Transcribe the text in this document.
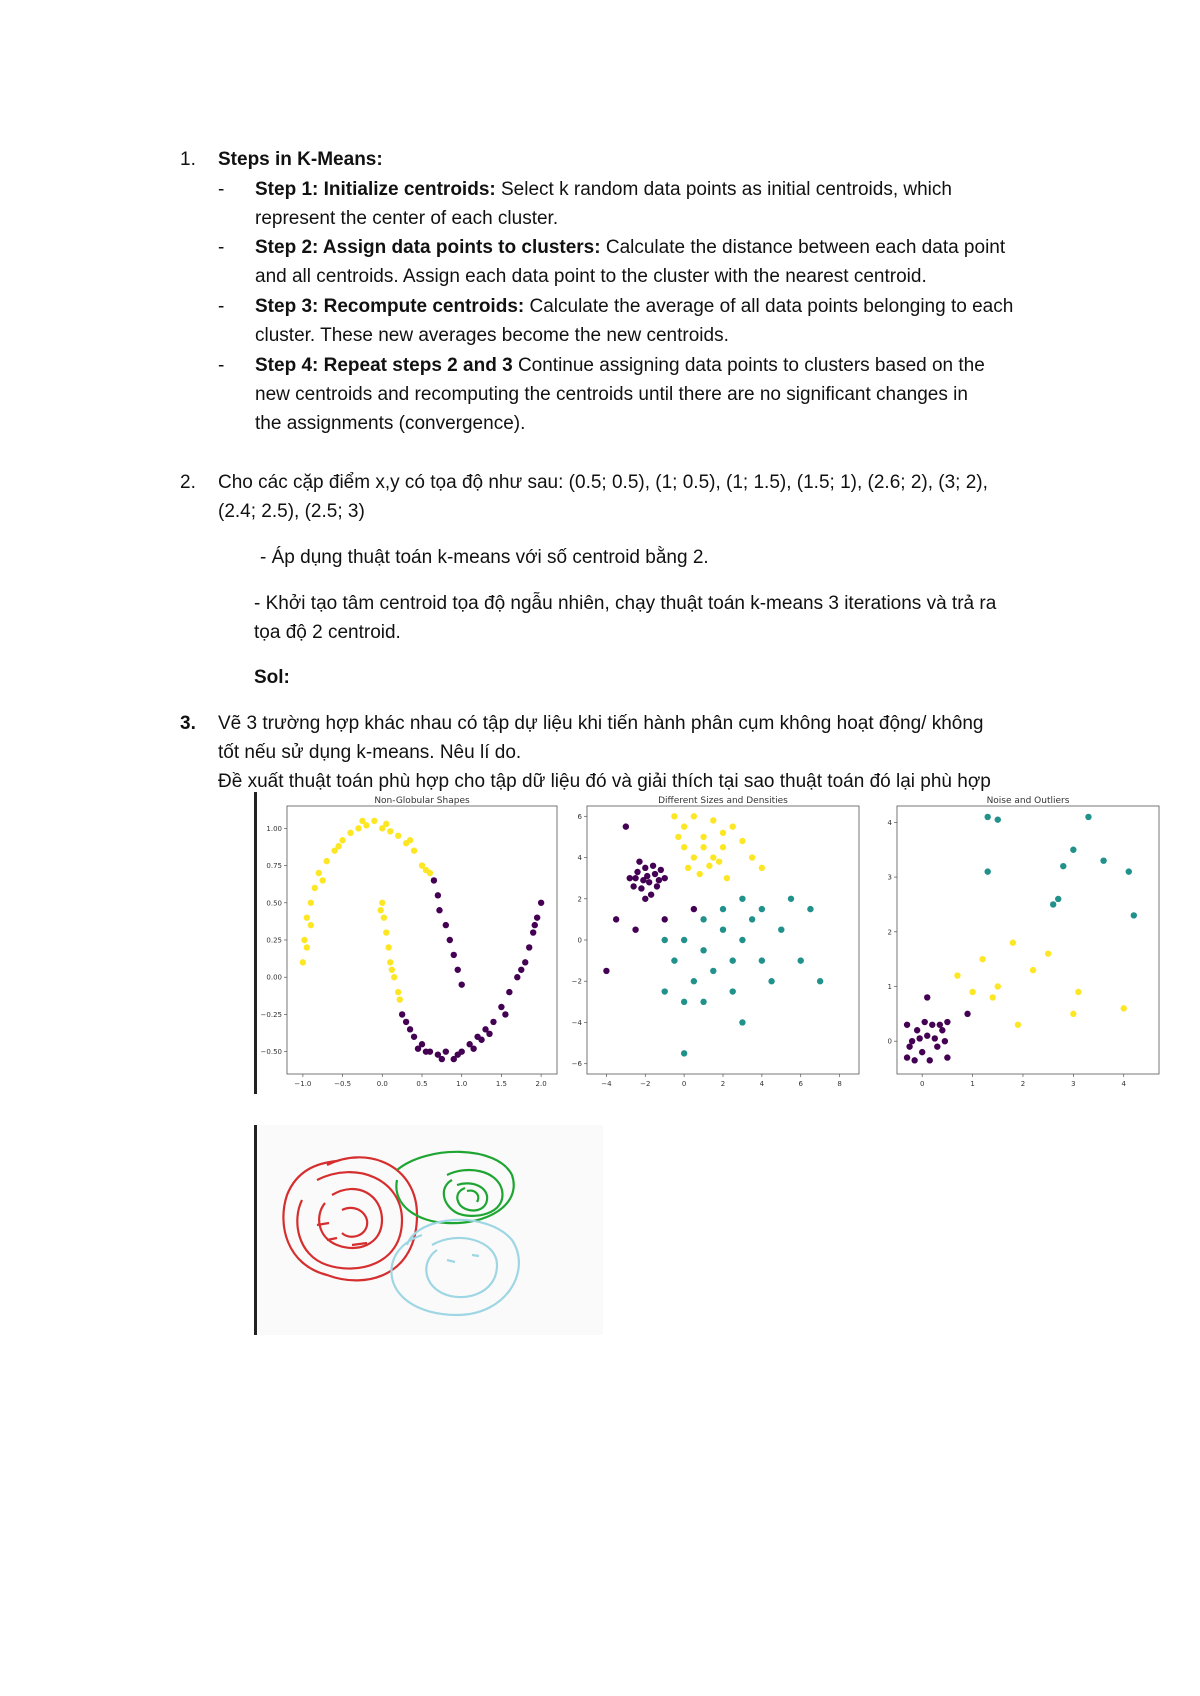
1. Steps in K-Means:
- Step 1: Initialize centroids: Select k random data points as initial centroids, which
represent the center of each cluster.
- Step 2: Assign data points to clusters: Calculate the distance between each data point
and all centroids. Assign each data point to the cluster with the nearest centroid.
- Step 3: Recompute centroids: Calculate the average of all data points belonging to each
cluster. These new averages become the new centroids.
- Step 4: Repeat steps 2 and 3 Continue assigning data points to clusters based on the
new centroids and recomputing the centroids until there are no significant changes in
the assignments (convergence).
2. Cho các cặp điểm x,y có tọa độ như sau: (0.5; 0.5), (1; 0.5), (1; 1.5), (1.5; 1), (2.6; 2), (3; 2),
(2.4; 2.5), (2.5; 3)
- Áp dụng thuật toán k-means với số centroid bằng 2.
- Khởi tạo tâm centroid tọa độ ngẫu nhiên, chạy thuật toán k-means 3 iterations và trả ra
tọa độ 2 centroid.
Sol:
3. Vẽ 3 trường hợp khác nhau có tập dự liệu khi tiến hành phân cụm không hoạt động/ không
tốt nếu sử dụng k-means. Nêu lí do.
Đề xuất thuật toán phù hợp cho tập dữ liệu đó và giải thích tại sao thuật toán đó lại phù hợp
Non-Globular Shapes
−1.0	−0.5	0.0	0.5	1.0	1.5	2.0
1.00
0.75
0.50
0.25
0.00
−0.25
−0.50
Different Sizes and Densities
−4	−2	0	2	4	6	8
6
4
2
0
−2
−4
−6
Noise and Outliers
0	1	2	3	4
4
3
2
1
0
